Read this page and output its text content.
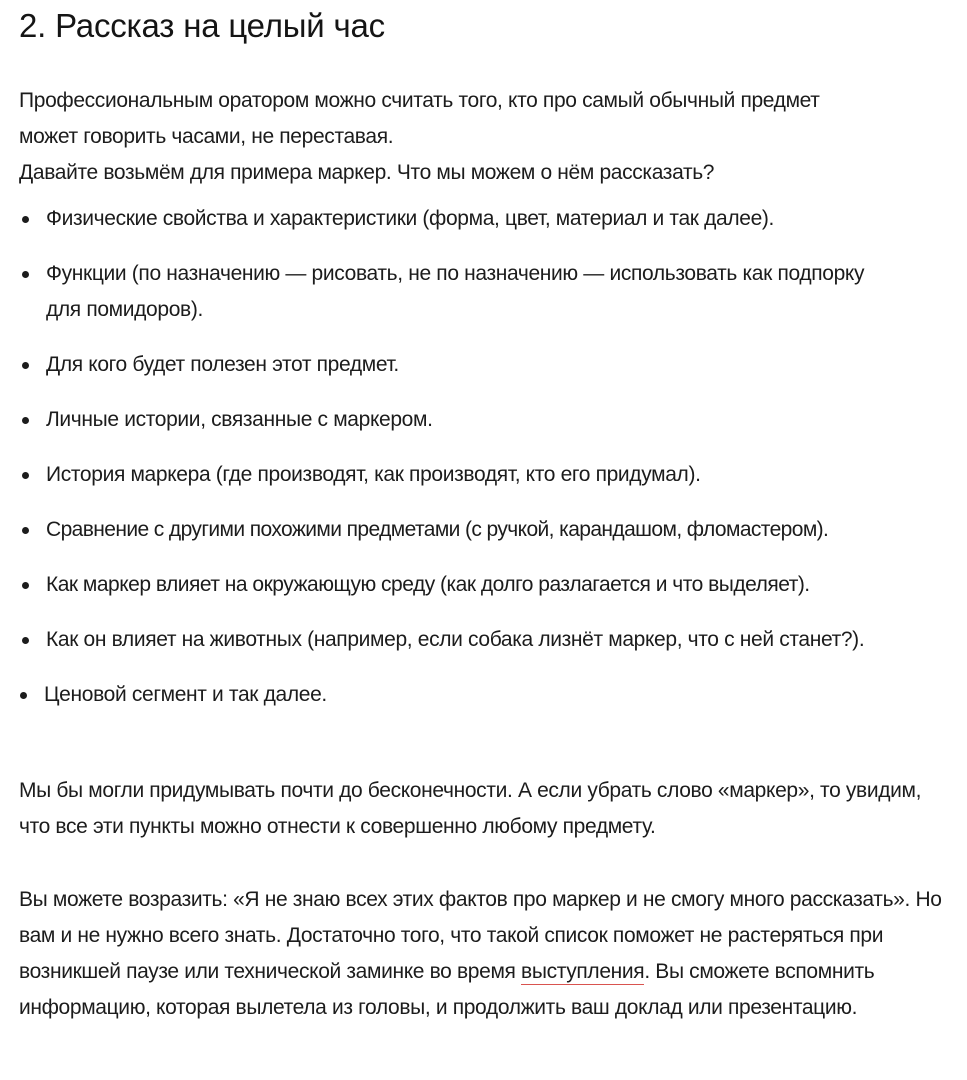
2. Рассказ на целый час

Профессиональным оратором можно считать того, кто про самый обычный предмет

может говорить часами, не переставая.

Давайте возьмём для примера маркер. Что мы можем о нём рассказать?

Физические свойства и характеристики (форма, цвет, материал и так далее).
Функции (по назначению — рисовать, не по назначению — использовать как подпорку для помидоров).
Для кого будет полезен этот предмет.
Личные истории, связанные с маркером.
История маркера (где производят, как производят, кто его придумал).
Сравнение с другими похожими предметами (с ручкой, карандашом, фломастером).
Как маркер влияет на окружающую среду (как долго разлагается и что выделяет).
Как он влияет на животных (например, если собака лизнёт маркер, что с ней станет?).
Ценовой сегмент и так далее.

Мы бы могли придумывать почти до бесконечности. А если убрать слово «маркер», то увидим, что все эти пункты можно отнести к совершенно любому предмету.

Вы можете возразить: «Я не знаю всех этих фактов про маркер и не смогу много рассказать». Но вам и не нужно всего знать. Достаточно того, что такой список поможет не растеряться при возникшей паузе или технической заминке во время выступления. Вы сможете вспомнить информацию, которая вылетела из головы, и продолжить ваш доклад или презентацию.
